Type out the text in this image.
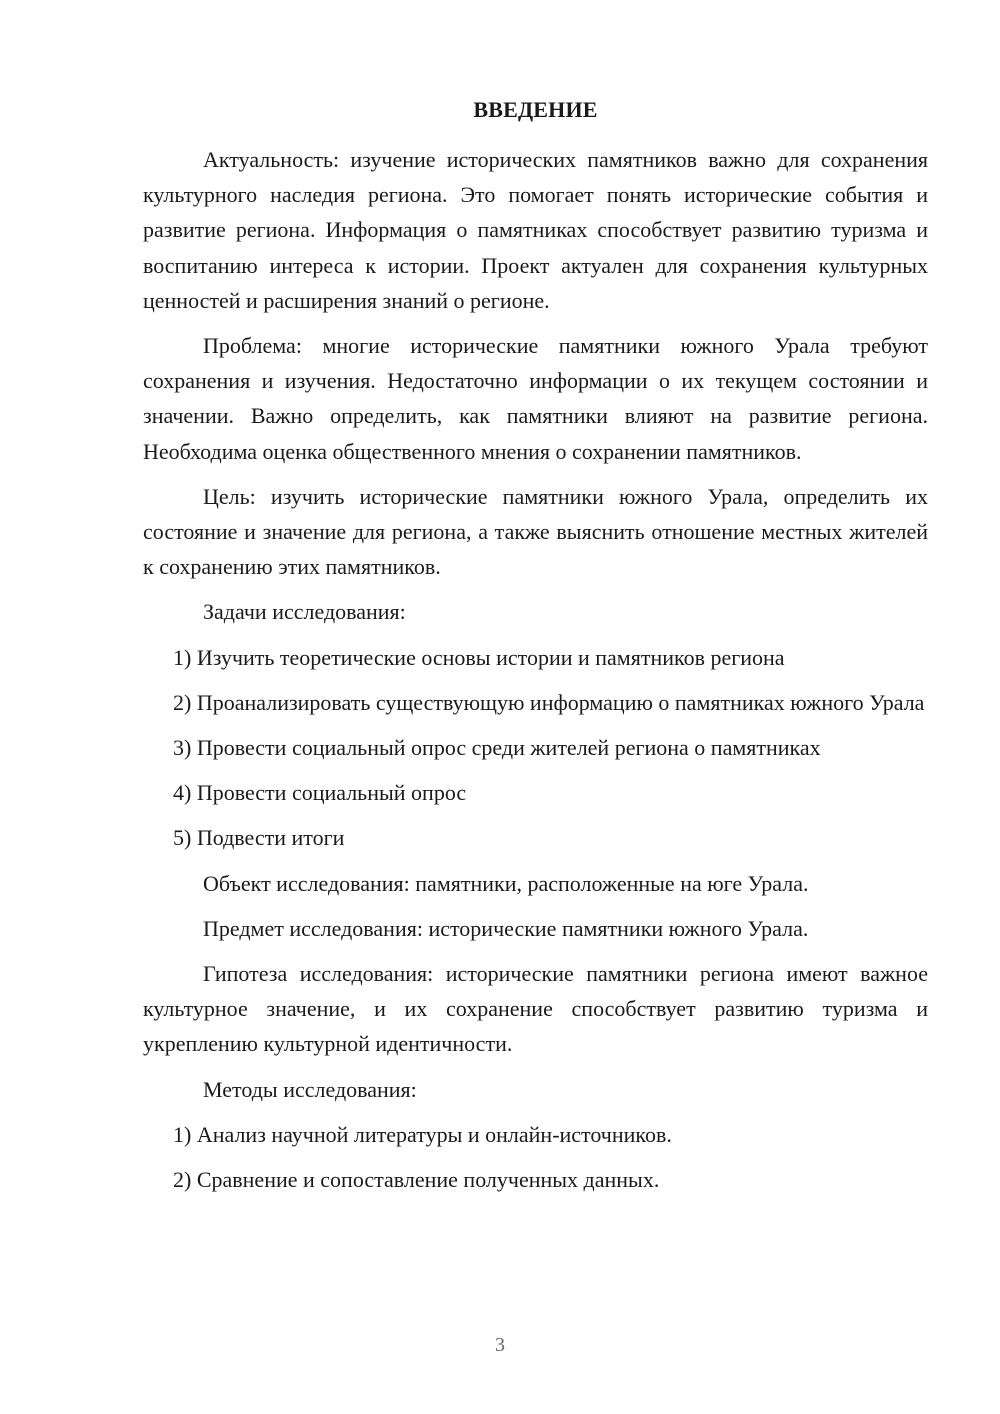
ВВЕДЕНИЕ
Актуальность: изучение исторических памятников важно для сохранения культурного наследия региона. Это помогает понять исторические события и развитие региона. Информация о памятниках способствует развитию туризма и воспитанию интереса к истории. Проект актуален для сохранения культурных ценностей и расширения знаний о регионе.
Проблема: многие исторические памятники южного Урала требуют сохранения и изучения. Недостаточно информации о их текущем состоянии и значении. Важно определить, как памятники влияют на развитие региона. Необходима оценка общественного мнения о сохранении памятников.
Цель: изучить исторические памятники южного Урала, определить их состояние и значение для региона, а также выяснить отношение местных жителей к сохранению этих памятников.
Задачи исследования:
1) Изучить теоретические основы истории и памятников региона
2) Проанализировать существующую информацию о памятниках южного Урала
3) Провести социальный опрос среди жителей региона о памятниках
4) Провести социальный опрос
5) Подвести итоги
Объект исследования: памятники, расположенные на юге Урала.
Предмет исследования: исторические памятники южного Урала.
Гипотеза исследования: исторические памятники региона имеют важное культурное значение, и их сохранение способствует развитию туризма и укреплению культурной идентичности.
Методы исследования:
1) Анализ научной литературы и онлайн-источников.
2) Сравнение и сопоставление полученных данных.
3
